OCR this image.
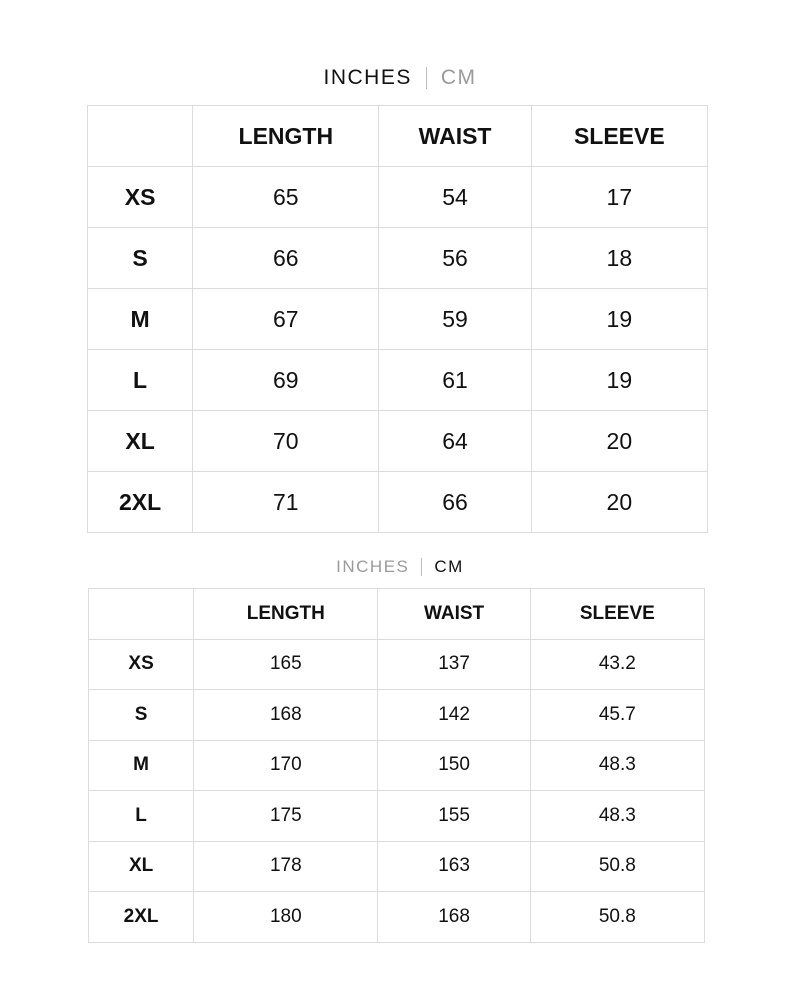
INCHES CM
	LENGTH	WAIST	SLEEVE
XS	65	54	17
S	66	56	18
M	67	59	19
L	69	61	19
XL	70	64	20
2XL	71	66	20
INCHES CM
	LENGTH	WAIST	SLEEVE
XS	165	137	43.2
S	168	142	45.7
M	170	150	48.3
L	175	155	48.3
XL	178	163	50.8
2XL	180	168	50.8
